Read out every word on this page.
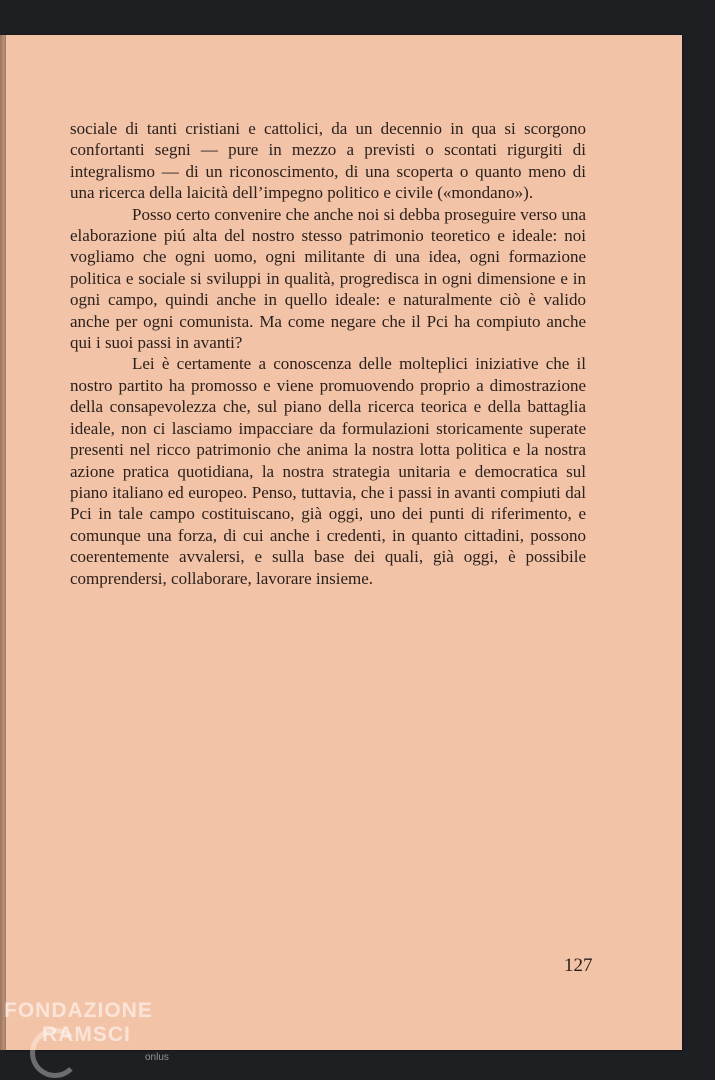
sociale di tanti cristiani e cattolici, da un decennio in qua si scorgono confortanti segni — pure in mezzo a previsti o scontati rigurgiti di integralismo — di un riconoscimento, di una scoperta o quanto meno di una ricerca della laicità dell’impegno politico e civile («mondano»).

Posso certo convenire che anche noi si debba proseguire verso una elaborazione piú alta del nostro stesso patrimonio teoretico e ideale: noi vogliamo che ogni uomo, ogni militante di una idea, ogni formazione politica e sociale si sviluppi in qualità, progredisca in ogni dimensione e in ogni campo, quindi anche in quello ideale: e naturalmente ciò è valido anche per ogni comunista. Ma come negare che il Pci ha compiuto anche qui i suoi passi in avanti?

Lei è certamente a conoscenza delle molteplici iniziative che il nostro partito ha promosso e viene promuovendo proprio a dimostrazione della consapevolezza che, sul piano della ricerca teorica e della battaglia ideale, non ci lasciamo impacciare da formulazioni storicamente superate presenti nel ricco patrimonio che anima la nostra lotta politica e la nostra azione pratica quotidiana, la nostra strategia unitaria e democratica sul piano italiano ed europeo. Penso, tuttavia, che i passi in avanti compiuti dal Pci in tale campo costituiscano, già oggi, uno dei punti di riferimento, e comunque una forza, di cui anche i credenti, in quanto cittadini, possono coerentemente avvalersi, e sulla base dei quali, già oggi, è possibile comprendersi, collaborare, lavorare insieme.

127
FONDAZIONE
RAMSCI
onlus
